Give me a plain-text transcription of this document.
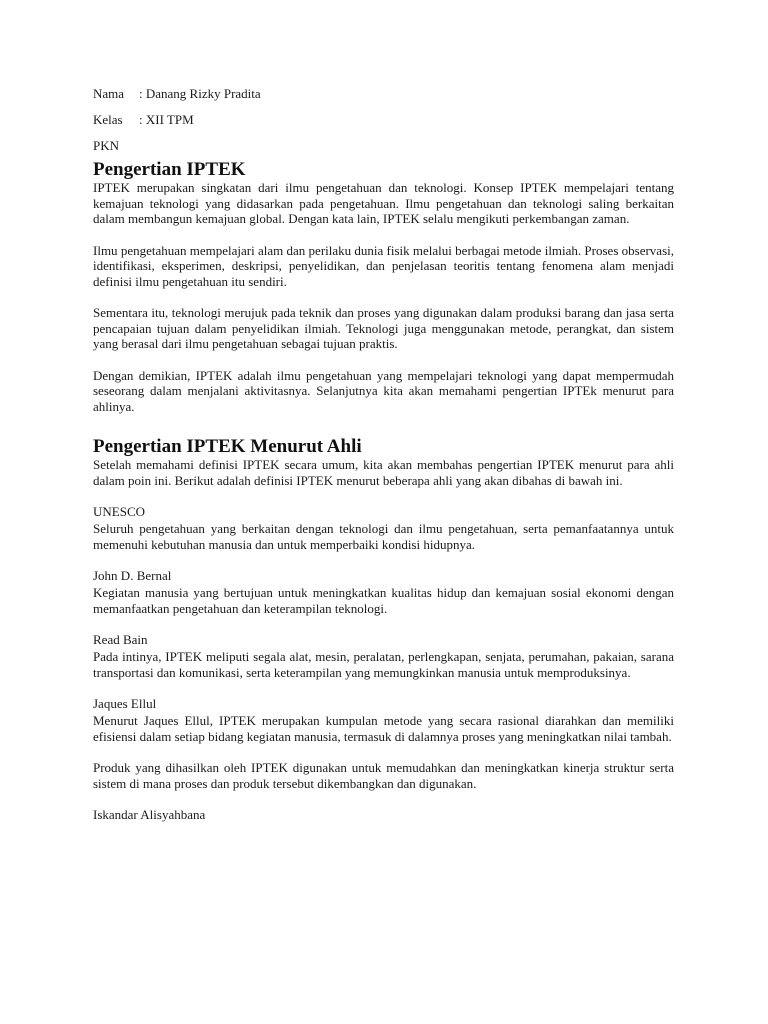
Nama : Danang Rizky Pradita
Kelas : XII TPM
PKN
Pengertian IPTEK

IPTEK merupakan singkatan dari ilmu pengetahuan dan teknologi. Konsep IPTEK mempelajari tentang kemajuan teknologi yang didasarkan pada pengetahuan. Ilmu pengetahuan dan teknologi saling berkaitan dalam membangun kemajuan global. Dengan kata lain, IPTEK selalu mengikuti perkembangan zaman.

Ilmu pengetahuan mempelajari alam dan perilaku dunia fisik melalui berbagai metode ilmiah. Proses observasi, identifikasi, eksperimen, deskripsi, penyelidikan, dan penjelasan teoritis tentang fenomena alam menjadi definisi ilmu pengetahuan itu sendiri.

Sementara itu, teknologi merujuk pada teknik dan proses yang digunakan dalam produksi barang dan jasa serta pencapaian tujuan dalam penyelidikan ilmiah. Teknologi juga menggunakan metode, perangkat, dan sistem yang berasal dari ilmu pengetahuan sebagai tujuan praktis.

Dengan demikian, IPTEK adalah ilmu pengetahuan yang mempelajari teknologi yang dapat mempermudah seseorang dalam menjalani aktivitasnya. Selanjutnya kita akan memahami pengertian IPTEk menurut para ahlinya.

Pengertian IPTEK Menurut Ahli

Setelah memahami definisi IPTEK secara umum, kita akan membahas pengertian IPTEK menurut para ahli dalam poin ini. Berikut adalah definisi IPTEK menurut beberapa ahli yang akan dibahas di bawah ini.

UNESCO

Seluruh pengetahuan yang berkaitan dengan teknologi dan ilmu pengetahuan, serta pemanfaatannya untuk memenuhi kebutuhan manusia dan untuk memperbaiki kondisi hidupnya.

John D. Bernal

Kegiatan manusia yang bertujuan untuk meningkatkan kualitas hidup dan kemajuan sosial ekonomi dengan memanfaatkan pengetahuan dan keterampilan teknologi.

Read Bain

Pada intinya, IPTEK meliputi segala alat, mesin, peralatan, perlengkapan, senjata, perumahan, pakaian, sarana transportasi dan komunikasi, serta keterampilan yang memungkinkan manusia untuk memproduksinya.

Jaques Ellul

Menurut Jaques Ellul, IPTEK merupakan kumpulan metode yang secara rasional diarahkan dan memiliki efisiensi dalam setiap bidang kegiatan manusia, termasuk di dalamnya proses yang meningkatkan nilai tambah.

Produk yang dihasilkan oleh IPTEK digunakan untuk memudahkan dan meningkatkan kinerja struktur serta sistem di mana proses dan produk tersebut dikembangkan dan digunakan.

Iskandar Alisyahbana
